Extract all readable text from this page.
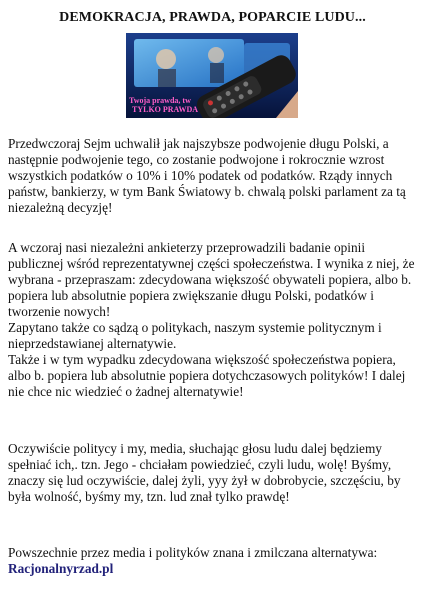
DEMOKRACJA, PRAWDA, POPARCIE LUDU...
Twoja prawda, tw
TYLKO PRAWDA

Przedwczoraj Sejm uchwalił jak najszybsze podwojenie długu Polski, a następnie podwojenie tego, co zostanie podwojone i rokrocznie wzrost wszystkich podatków o 10% i 10% podatek od podatków. Rządy innych państw, bankierzy, w tym Bank Światowy b. chwalą polski parlament za tą niezależną decyzję!

A wczoraj nasi niezależni ankieterzy przeprowadzili badanie opinii publicznej wśród reprezentatywnej części społeczeństwa. I wynika z niej, że wybrana - przepraszam: zdecydowana większość obywateli popiera, albo b. popiera lub absolutnie popiera zwiększanie długu Polski, podatków i tworzenie nowych!

Zapytano także co sądzą o politykach, naszym systemie politycznym i nieprzedstawianej alternatywie.

Także i w tym wypadku zdecydowana większość społeczeństwa popiera, albo b. popiera lub absolutnie popiera dotychczasowych polityków! I dalej nie chce nic wiedzieć o żadnej alternatywie!

Oczywiście politycy i my, media, słuchając głosu ludu dalej będziemy spełniać ich,. tzn. Jego - chciałam powiedzieć, czyli ludu, wolę! Byśmy, znaczy się lud oczywiście, dalej żyli, yyy żył w dobrobycie, szczęściu, by była wolność, byśmy my, tzn. lud znał tylko prawdę!

Powszechnie przez media i polityków znana i zmilczana alternatywa: Racjonalnyrzad.pl
